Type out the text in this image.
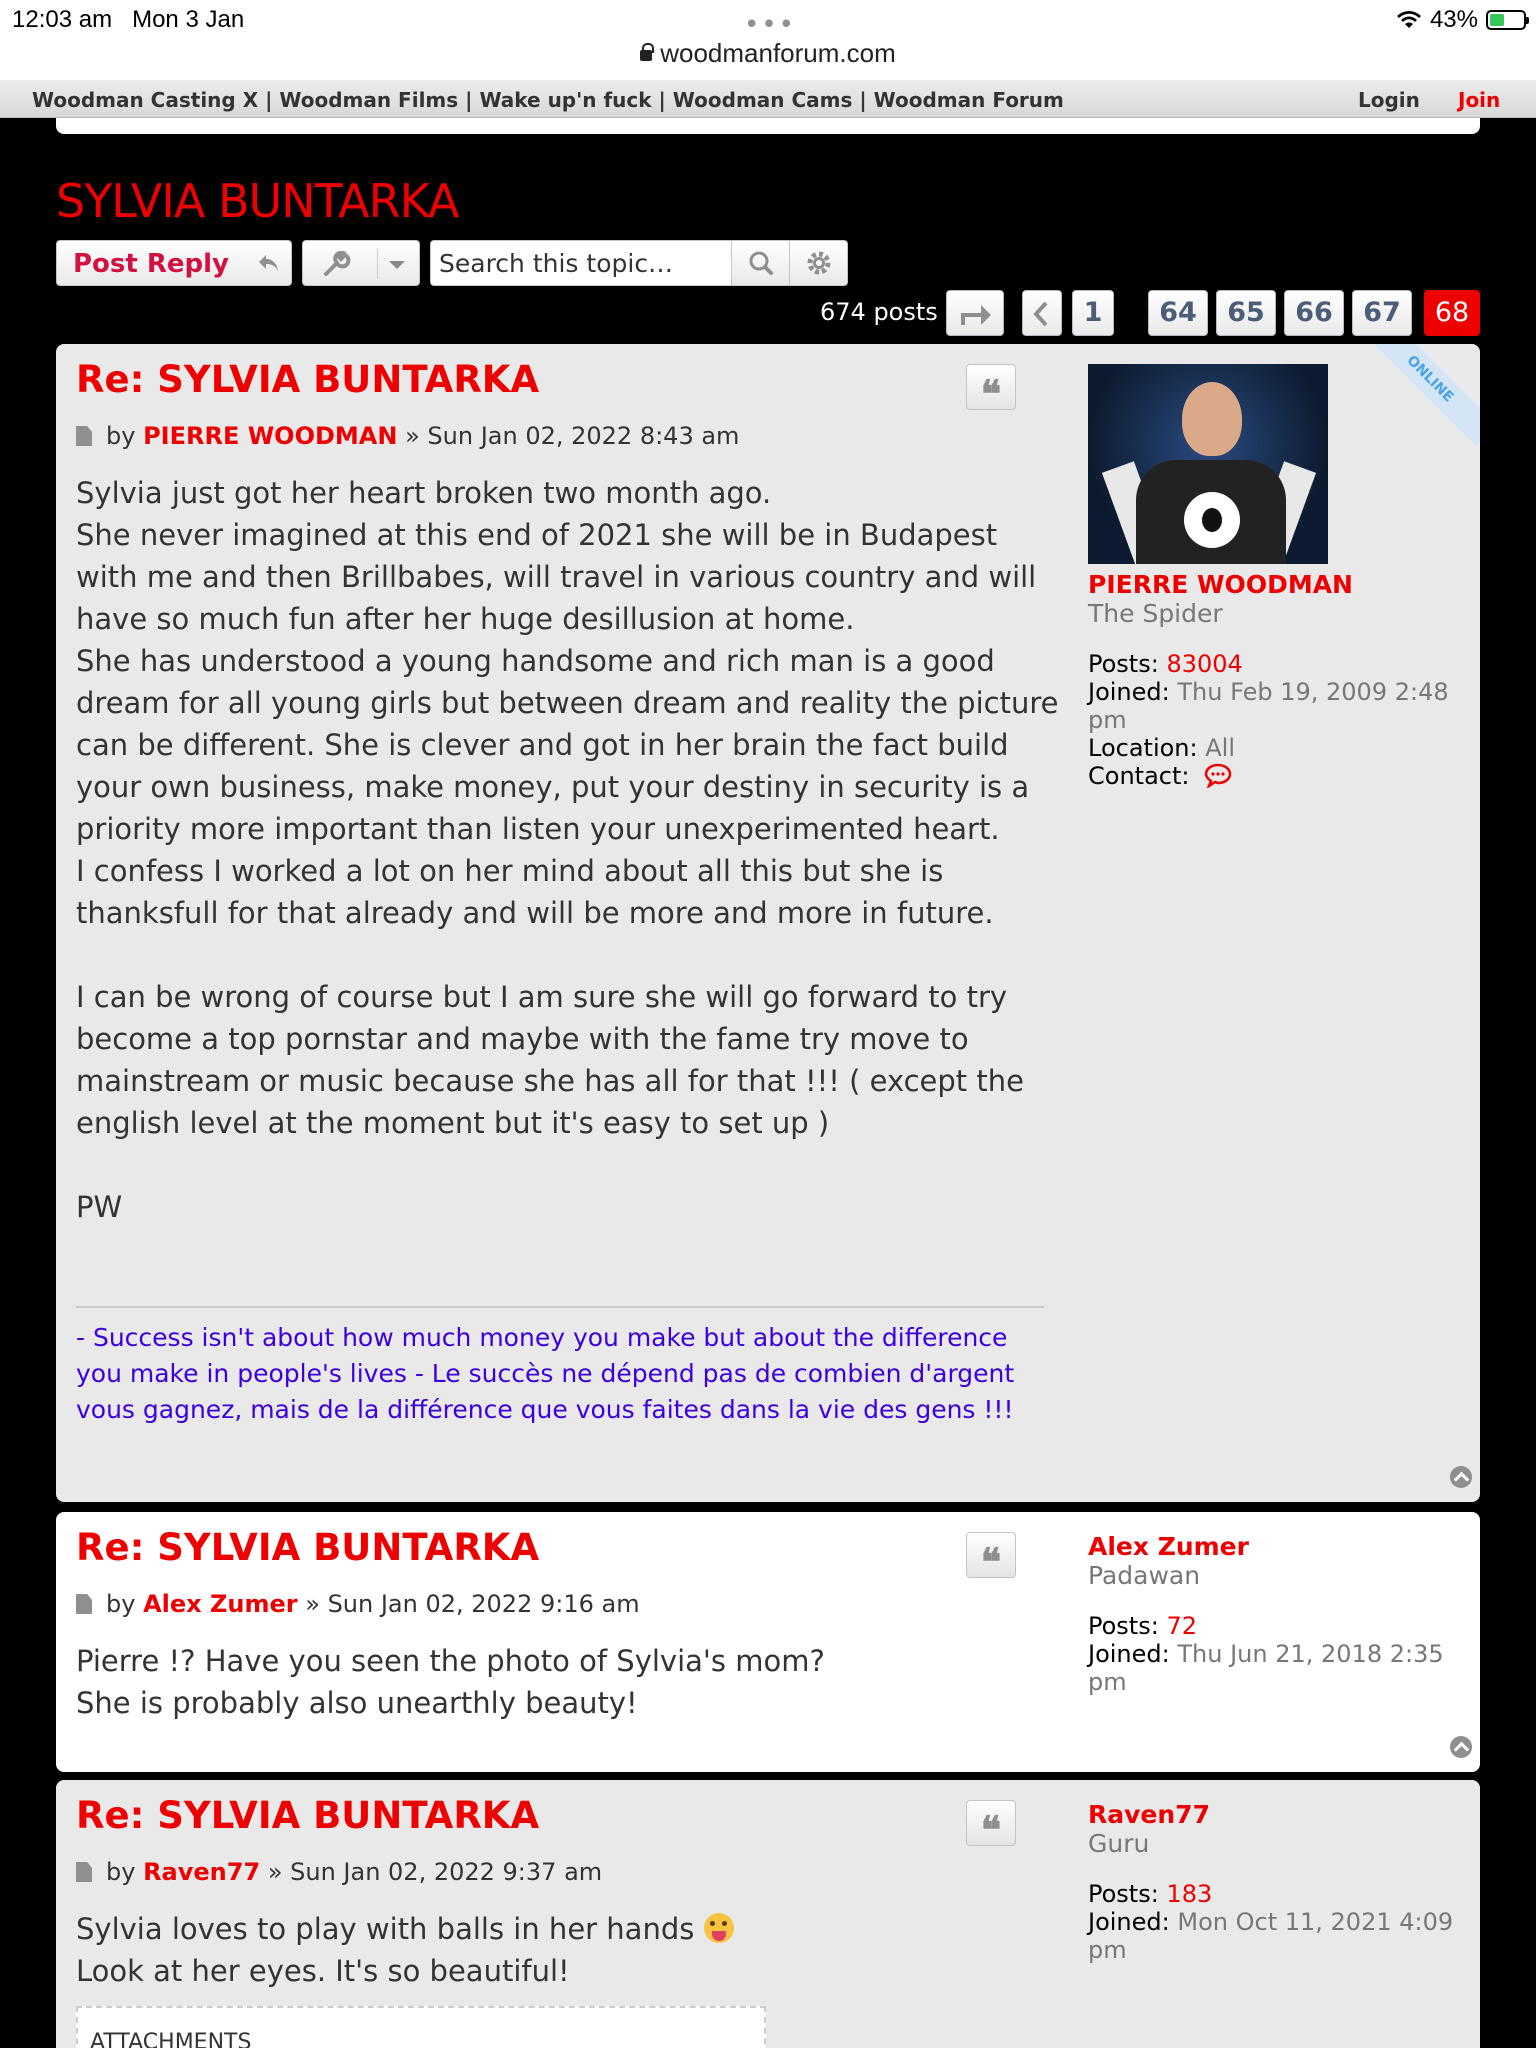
12:03 am Mon 3 Jan	•••
woodmanforum.com
43%
Woodman Casting X | Woodman Films | Wake up'n fuck | Woodman Cams | Woodman Forum	Login Join
SYLVIA BUNTARKA
Post Reply
Search this topic…
674 posts	1	64	65	66	67	68
Re: SYLVIA BUNTARKA	❝
by PIERRE WOODMAN » Sun Jan 02, 2022 8:43 am

Sylvia just got her heart broken two month ago.
She never imagined at this end of 2021 she will be in Budapest with me and then Brillbabes, will travel in various country and will have so much fun after her huge desillusion at home.
She has understood a young handsome and rich man is a good dream for all young girls but between dream and reality the picture can be different. She is clever and got in her brain the fact build your own business, make money, put your destiny in security is a priority more important than listen your unexperimented heart.
I confess I worked a lot on her mind about all this but she is thanksfull for that already and will be more and more in future.

I can be wrong of course but I am sure she will go forward to try become a top pornstar and maybe with the fame try move to mainstream or music because she has all for that !!! ( except the english level at the moment but it's easy to set up )

PW

- Success isn't about how much money you make but about the difference you make in people's lives - Le succès ne dépend pas de combien d'argent vous gagnez, mais de la différence que vous faites dans la vie des gens !!!
PIERRE WOODMAN
The Spider
Posts: 83004
Joined: Thu Feb 19, 2009 2:48 pm
Location: All
Contact:
ONLINE
Re: SYLVIA BUNTARKA	❝
by Alex Zumer » Sun Jan 02, 2022 9:16 am

Pierre !? Have you seen the photo of Sylvia's mom?
She is probably also unearthly beauty!

Alex Zumer
Padawan
Posts: 72
Joined: Thu Jun 21, 2018 2:35 pm
Re: SYLVIA BUNTARKA	❝
by Raven77 » Sun Jan 02, 2022 9:37 am

Sylvia loves to play with balls in her hands

Look at her eyes. It's so beautiful!

ATTACHMENTS
Raven77
Guru
Posts: 183
Joined: Mon Oct 11, 2021 4:09 pm
